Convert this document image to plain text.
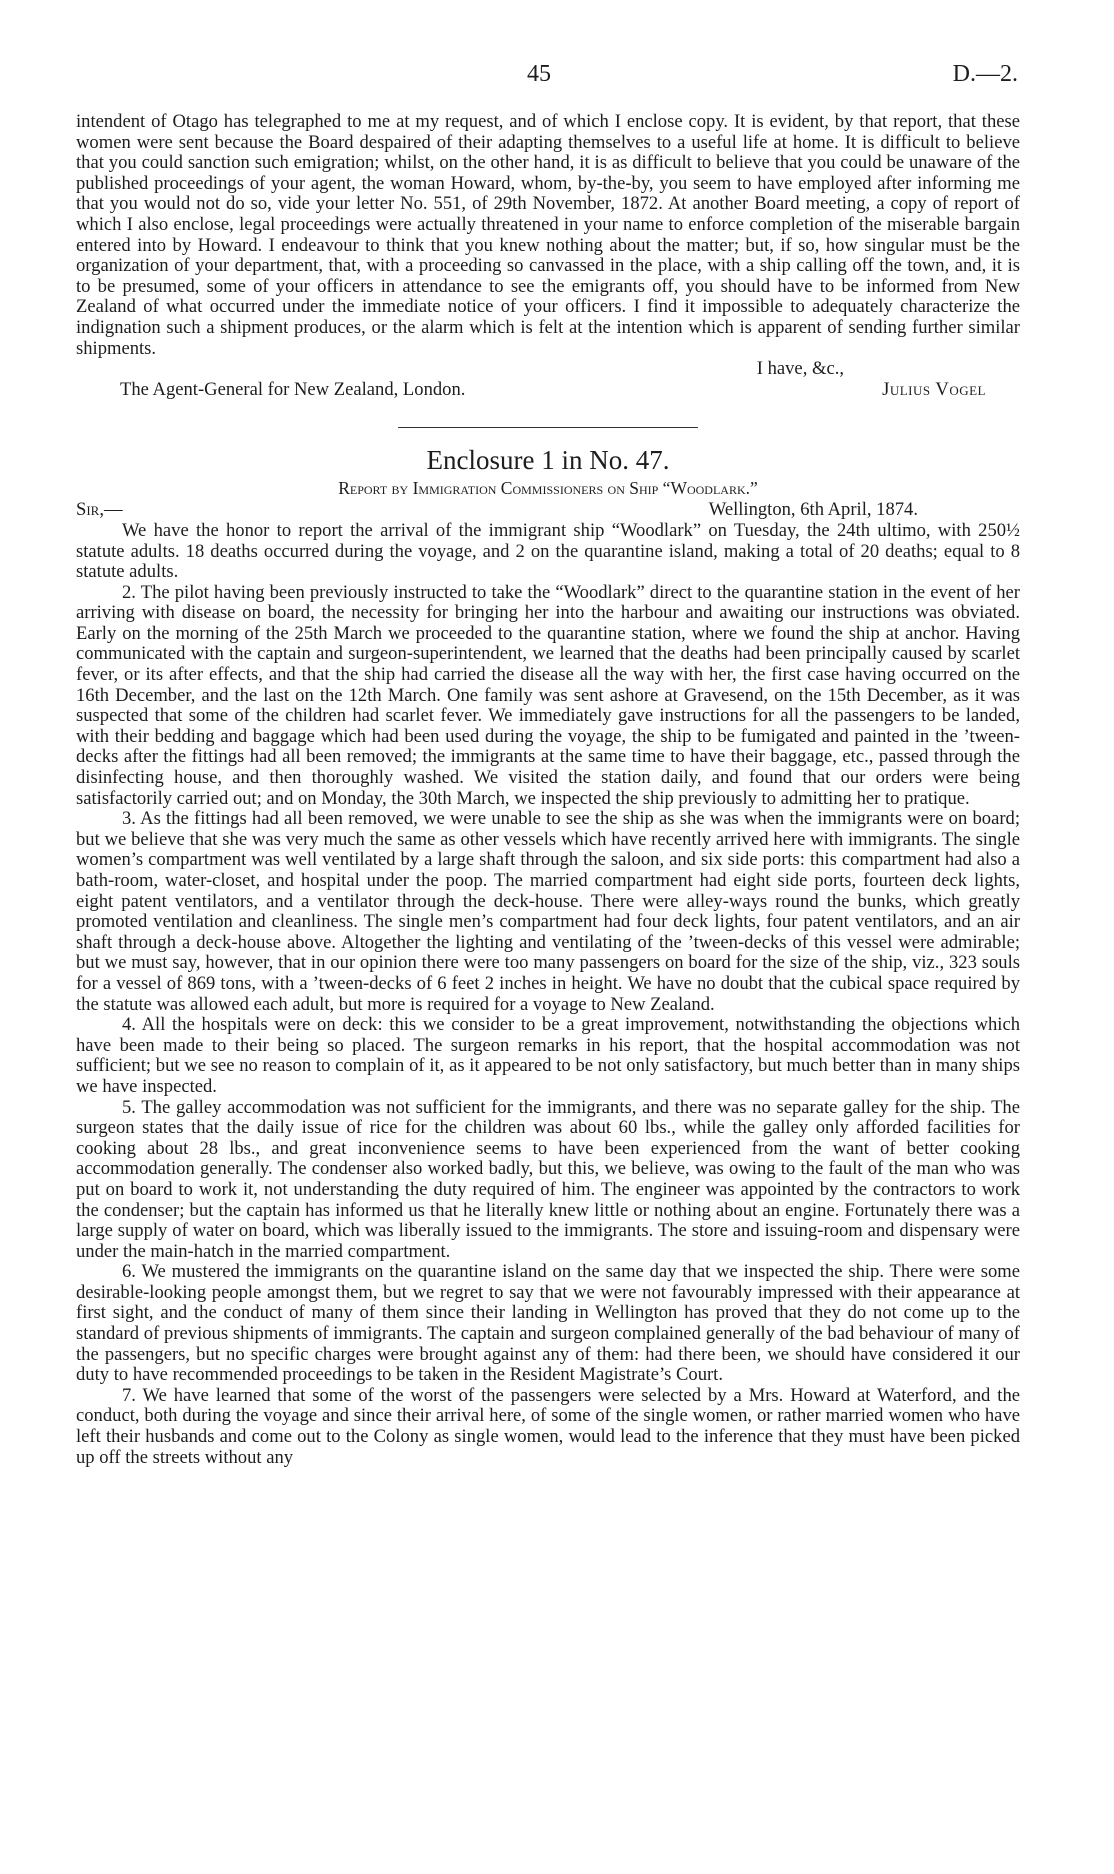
45	D.—2.

intendent of Otago has telegraphed to me at my request, and of which I enclose copy. It is evident, by that report, that these women were sent because the Board despaired of their adapting themselves to a useful life at home. It is difficult to believe that you could sanction such emigration; whilst, on the other hand, it is as difficult to believe that you could be unaware of the published proceedings of your agent, the woman Howard, whom, by-the-by, you seem to have employed after informing me that you would not do so, vide your letter No. 551, of 29th November, 1872. At another Board meeting, a copy of report of which I also enclose, legal proceedings were actually threatened in your name to enforce completion of the miserable bargain entered into by Howard. I endeavour to think that you knew nothing about the matter; but, if so, how singular must be the organization of your department, that, with a proceeding so canvassed in the place, with a ship calling off the town, and, it is to be presumed, some of your officers in attendance to see the emigrants off, you should have to be informed from New Zealand of what occurred under the immediate notice of your officers. I find it impossible to adequately characterize the indignation such a shipment produces, or the alarm which is felt at the intention which is apparent of sending further similar shipments.

I have, &c.,

The Agent-General for New Zealand, London.	Julius Vogel
Enclosure 1 in No. 47.
Report by Immigration Commissioners on Ship “Woodlark.”
Sir,—	Wellington, 6th April, 1874.

We have the honor to report the arrival of the immigrant ship “Woodlark” on Tuesday, the 24th ultimo, with 250½ statute adults. 18 deaths occurred during the voyage, and 2 on the quarantine island, making a total of 20 deaths; equal to 8 statute adults.

2. The pilot having been previously instructed to take the “Woodlark” direct to the quarantine station in the event of her arriving with disease on board, the necessity for bringing her into the harbour and awaiting our instructions was obviated. Early on the morning of the 25th March we proceeded to the quarantine station, where we found the ship at anchor. Having communicated with the captain and surgeon-superintendent, we learned that the deaths had been principally caused by scarlet fever, or its after effects, and that the ship had carried the disease all the way with her, the first case having occurred on the 16th December, and the last on the 12th March. One family was sent ashore at Gravesend, on the 15th December, as it was suspected that some of the children had scarlet fever. We immediately gave instructions for all the passengers to be landed, with their bedding and baggage which had been used during the voyage, the ship to be fumigated and painted in the ’tween-decks after the fittings had all been removed; the immigrants at the same time to have their baggage, etc., passed through the disinfecting house, and then thoroughly washed. We visited the station daily, and found that our orders were being satisfactorily carried out; and on Monday, the 30th March, we inspected the ship previously to admitting her to pratique.

3. As the fittings had all been removed, we were unable to see the ship as she was when the immigrants were on board; but we believe that she was very much the same as other vessels which have recently arrived here with immigrants. The single women’s compartment was well ventilated by a large shaft through the saloon, and six side ports: this compartment had also a bath-room, water-closet, and hospital under the poop. The married compartment had eight side ports, fourteen deck lights, eight patent ventilators, and a ventilator through the deck-house. There were alley-ways round the bunks, which greatly promoted ventilation and cleanliness. The single men’s compartment had four deck lights, four patent ventilators, and an air shaft through a deck-house above. Altogether the lighting and ventilating of the ’tween-decks of this vessel were admirable; but we must say, however, that in our opinion there were too many passengers on board for the size of the ship, viz., 323 souls for a vessel of 869 tons, with a ’tween-decks of 6 feet 2 inches in height. We have no doubt that the cubical space required by the statute was allowed each adult, but more is required for a voyage to New Zealand.

4. All the hospitals were on deck: this we consider to be a great improvement, notwithstanding the objections which have been made to their being so placed. The surgeon remarks in his report, that the hospital accommodation was not sufficient; but we see no reason to complain of it, as it appeared to be not only satisfactory, but much better than in many ships we have inspected.

5. The galley accommodation was not sufficient for the immigrants, and there was no separate galley for the ship. The surgeon states that the daily issue of rice for the children was about 60 lbs., while the galley only afforded facilities for cooking about 28 lbs., and great inconvenience seems to have been experienced from the want of better cooking accommodation generally. The condenser also worked badly, but this, we believe, was owing to the fault of the man who was put on board to work it, not understanding the duty required of him. The engineer was appointed by the contractors to work the condenser; but the captain has informed us that he literally knew little or nothing about an engine. Fortunately there was a large supply of water on board, which was liberally issued to the immigrants. The store and issuing-room and dispensary were under the main-hatch in the married compartment.

6. We mustered the immigrants on the quarantine island on the same day that we inspected the ship. There were some desirable-looking people amongst them, but we regret to say that we were not favourably impressed with their appearance at first sight, and the conduct of many of them since their landing in Wellington has proved that they do not come up to the standard of previous shipments of immigrants. The captain and surgeon complained generally of the bad behaviour of many of the passengers, but no specific charges were brought against any of them: had there been, we should have considered it our duty to have recommended proceedings to be taken in the Resident Magistrate’s Court.

7. We have learned that some of the worst of the passengers were selected by a Mrs. Howard at Waterford, and the conduct, both during the voyage and since their arrival here, of some of the single women, or rather married women who have left their husbands and come out to the Colony as single women, would lead to the inference that they must have been picked up off the streets without any
